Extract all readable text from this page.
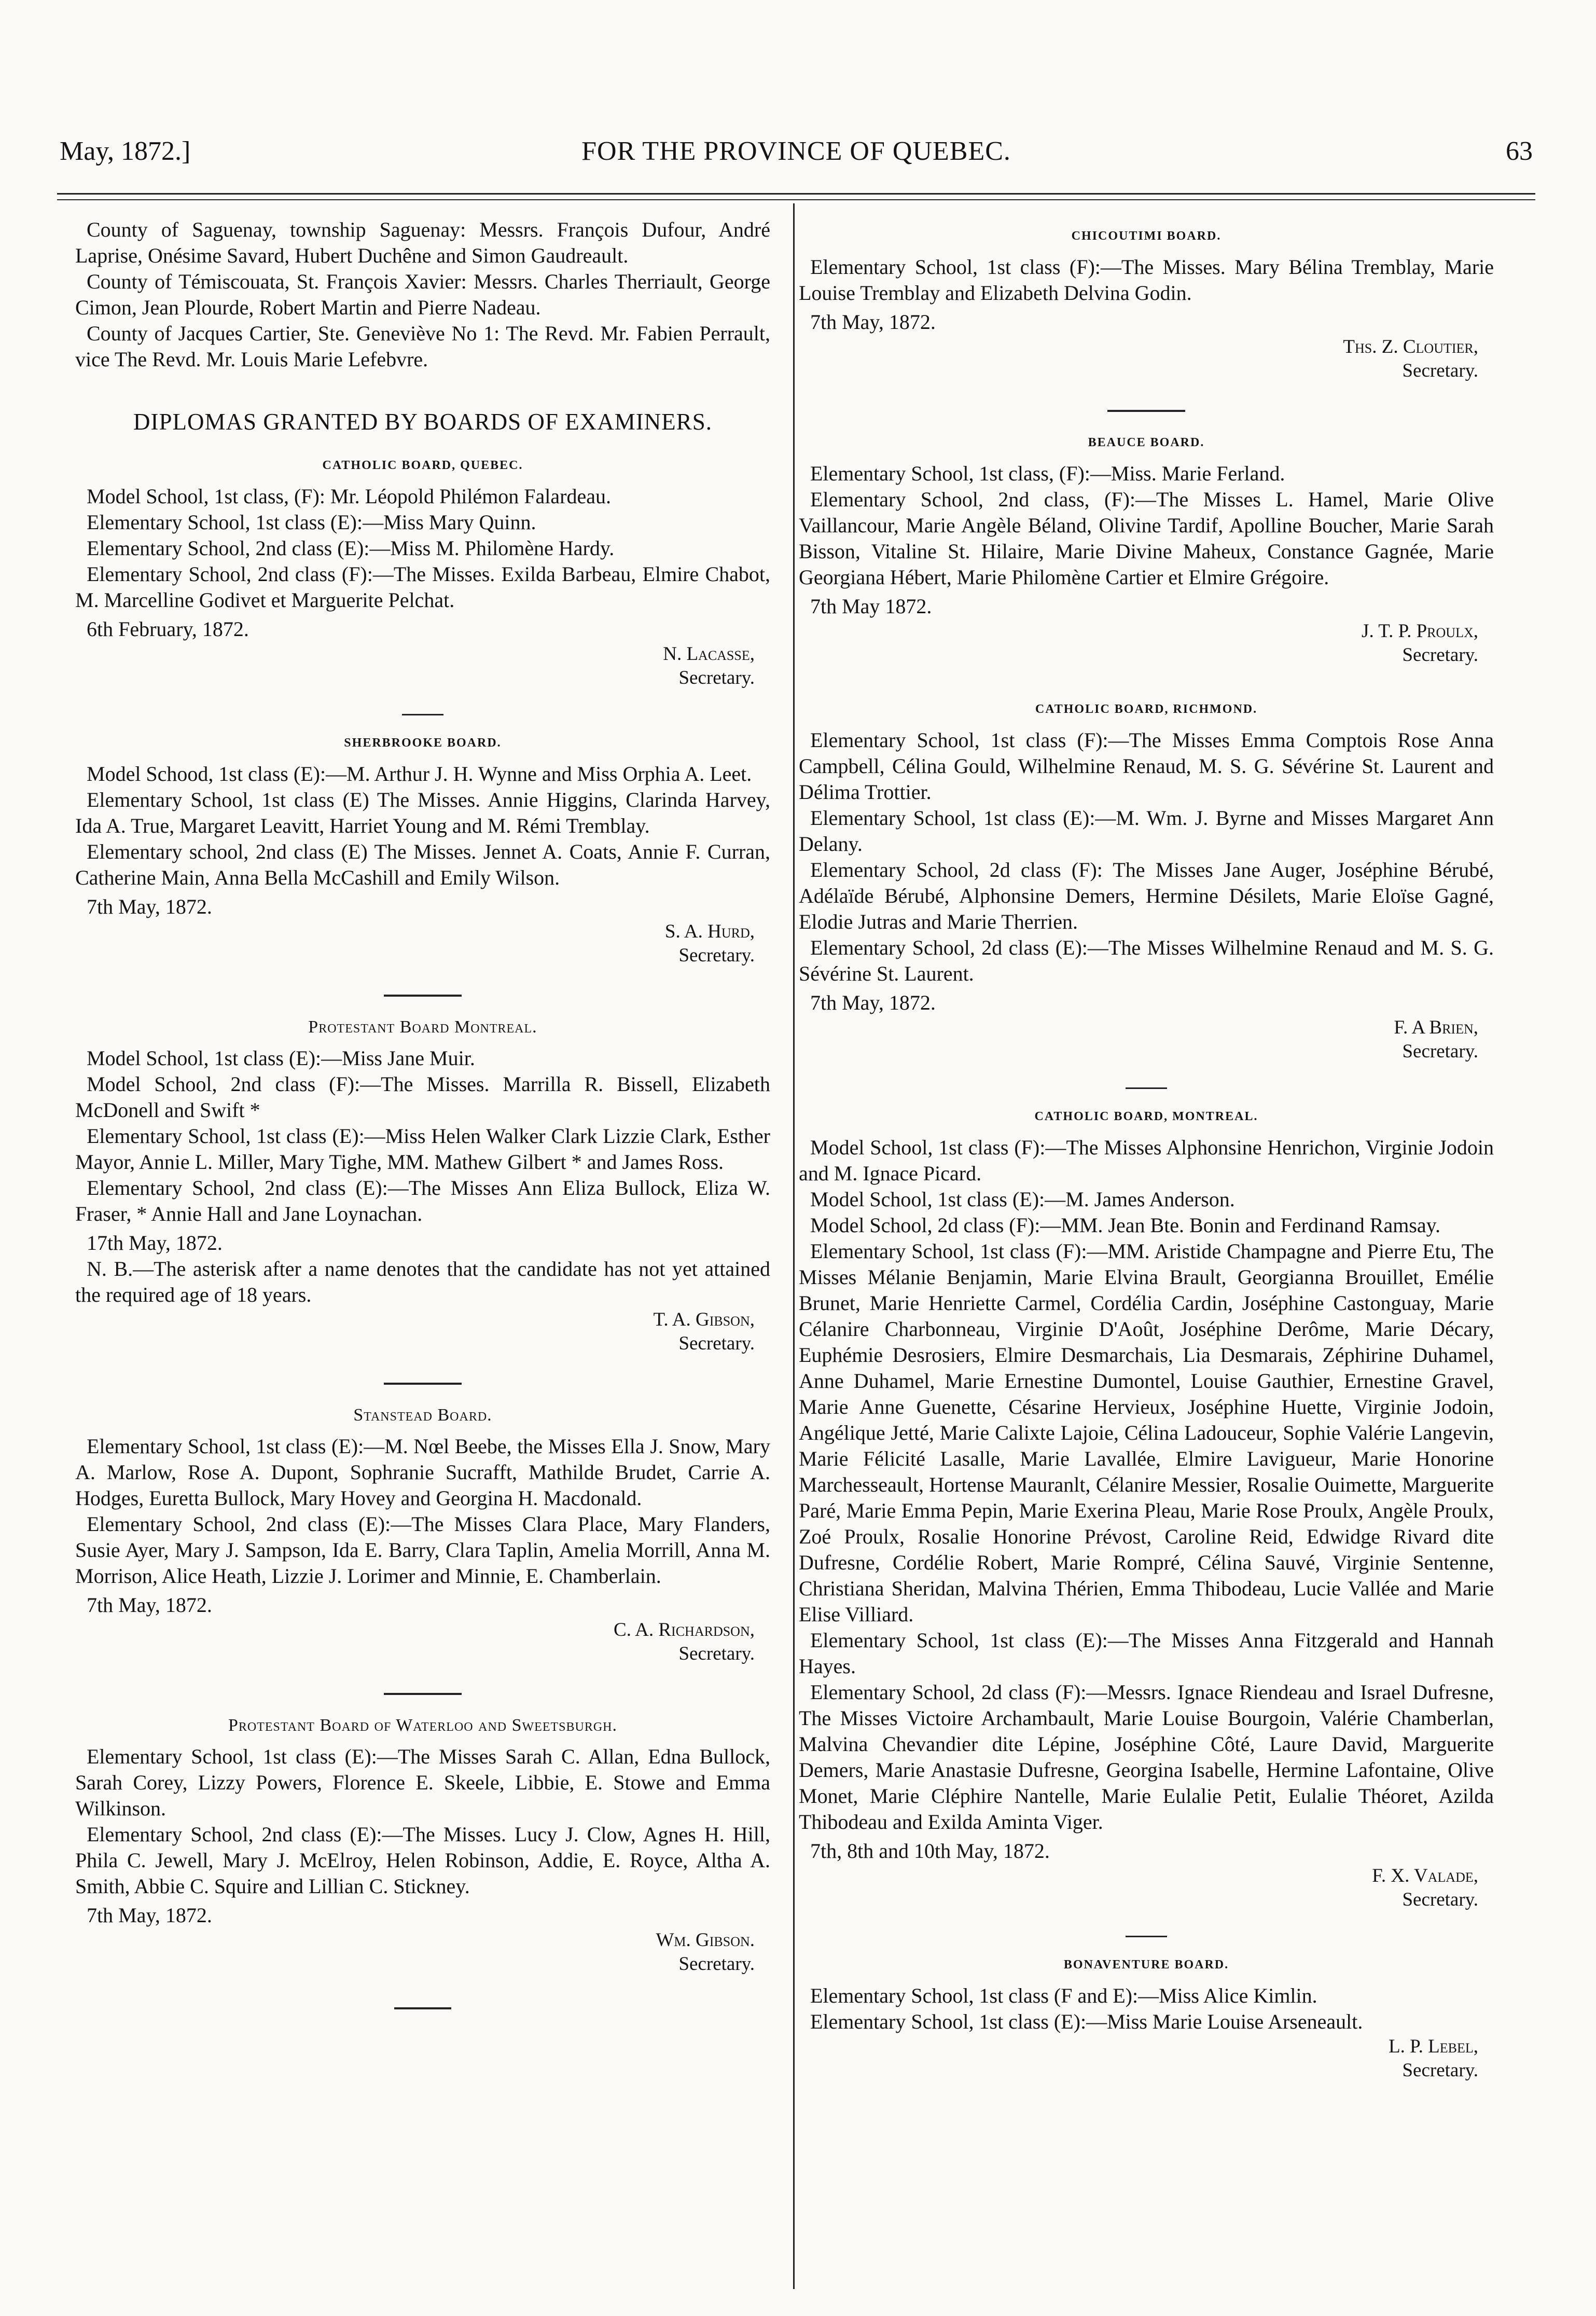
May, 1872.]	FOR THE PROVINCE OF QUEBEC.	63
County of Saguenay, township Saguenay: Messrs. François Dufour, André Laprise, Onésime Savard, Hubert Duchêne and Simon Gaudreault.
County of Témiscouata, St. François Xavier: Messrs. Charles Therriault, George Cimon, Jean Plourde, Robert Martin and Pierre Nadeau.
County of Jacques Cartier, Ste. Geneviève No 1: The Revd. Mr. Fabien Perrault, vice The Revd. Mr. Louis Marie Lefebvre.
DIPLOMAS GRANTED BY BOARDS OF EXAMINERS.
CATHOLIC BOARD, QUEBEC.
Model School, 1st class, (F): Mr. Léopold Philémon Falardeau.
Elementary School, 1st class (E):—Miss Mary Quinn.
Elementary School, 2nd class (E):—Miss M. Philomène Hardy.
Elementary School, 2nd class (F):—The Misses. Exilda Barbeau, Elmire Chabot, M. Marcelline Godivet et Marguerite Pelchat.
6th February, 1872.
N. Lacasse,
Secretary.
SHERBROOKE BOARD.
Model Schood, 1st class (E):—M. Arthur J. H. Wynne and Miss Orphia A. Leet.
Elementary School, 1st class (E) The Misses. Annie Higgins, Clarinda Harvey, Ida A. True, Margaret Leavitt, Harriet Young and M. Rémi Tremblay.
Elementary school, 2nd class (E) The Misses. Jennet A. Coats, Annie F. Curran, Catherine Main, Anna Bella McCashill and Emily Wilson.
7th May, 1872.
S. A. Hurd,
Secretary.
Protestant Board Montreal.
Model School, 1st class (E):—Miss Jane Muir.
Model School, 2nd class (F):—The Misses. Marrilla R. Bissell, Elizabeth McDonell and Swift *
Elementary School, 1st class (E):—Miss Helen Walker Clark Lizzie Clark, Esther Mayor, Annie L. Miller, Mary Tighe, MM. Mathew Gilbert * and James Ross.
Elementary School, 2nd class (E):—The Misses Ann Eliza Bullock, Eliza W. Fraser, * Annie Hall and Jane Loynachan.
17th May, 1872.
N. B.—The asterisk after a name denotes that the candidate has not yet attained the required age of 18 years.
T. A. Gibson,
Secretary.
Stanstead Board.
Elementary School, 1st class (E):—M. Nœl Beebe, the Misses Ella J. Snow, Mary A. Marlow, Rose A. Dupont, Sophranie Sucrafft, Mathilde Brudet, Carrie A. Hodges, Euretta Bullock, Mary Hovey and Georgina H. Macdonald.
Elementary School, 2nd class (E):—The Misses Clara Place, Mary Flanders, Susie Ayer, Mary J. Sampson, Ida E. Barry, Clara Taplin, Amelia Morrill, Anna M. Morrison, Alice Heath, Lizzie J. Lorimer and Minnie, E. Chamberlain.
7th May, 1872.
C. A. Richardson,
Secretary.
Protestant Board of Waterloo and Sweetsburgh.
Elementary School, 1st class (E):—The Misses Sarah C. Allan, Edna Bullock, Sarah Corey, Lizzy Powers, Florence E. Skeele, Libbie, E. Stowe and Emma Wilkinson.
Elementary School, 2nd class (E):—The Misses. Lucy J. Clow, Agnes H. Hill, Phila C. Jewell, Mary J. McElroy, Helen Robinson, Addie, E. Royce, Altha A. Smith, Abbie C. Squire and Lillian C. Stickney.
7th May, 1872.
Wm. Gibson.
Secretary.
CHICOUTIMI BOARD.
Elementary School, 1st class (F):—The Misses. Mary Bélina Tremblay, Marie Louise Tremblay and Elizabeth Delvina Godin.
7th May, 1872.
Ths. Z. Cloutier,
Secretary.
BEAUCE BOARD.
Elementary School, 1st class, (F):—Miss. Marie Ferland.
Elementary School, 2nd class, (F):—The Misses L. Hamel, Marie Olive Vaillancour, Marie Angèle Béland, Olivine Tardif, Apolline Boucher, Marie Sarah Bisson, Vitaline St. Hilaire, Marie Divine Maheux, Constance Gagnée, Marie Georgiana Hébert, Marie Philomène Cartier et Elmire Grégoire.
7th May 1872.
J. T. P. Proulx,
Secretary.
CATHOLIC BOARD, RICHMOND.
Elementary School, 1st class (F):—The Misses Emma Comptois Rose Anna Campbell, Célina Gould, Wilhelmine Renaud, M. S. G. Sévérine St. Laurent and Délima Trottier.
Elementary School, 1st class (E):—M. Wm. J. Byrne and Misses Margaret Ann Delany.
Elementary School, 2d class (F): The Misses Jane Auger, Joséphine Bérubé, Adélaïde Bérubé, Alphonsine Demers, Hermine Désilets, Marie Eloïse Gagné, Elodie Jutras and Marie Therrien.
Elementary School, 2d class (E):—The Misses Wilhelmine Renaud and M. S. G. Sévérine St. Laurent.
7th May, 1872.
F. A Brien,
Secretary.
CATHOLIC BOARD, MONTREAL.
Model School, 1st class (F):—The Misses Alphonsine Henrichon, Virginie Jodoin and M. Ignace Picard.
Model School, 1st class (E):—M. James Anderson.
Model School, 2d class (F):—MM. Jean Bte. Bonin and Ferdinand Ramsay.
Elementary School, 1st class (F):—MM. Aristide Champagne and Pierre Etu, The Misses Mélanie Benjamin, Marie Elvina Brault, Georgianna Brouillet, Emélie Brunet, Marie Henriette Carmel, Cordélia Cardin, Joséphine Castonguay, Marie Célanire Charbonneau, Virginie D'Août, Joséphine Derôme, Marie Décary, Euphémie Desrosiers, Elmire Desmarchais, Lia Desmarais, Zéphirine Duhamel, Anne Duhamel, Marie Ernestine Dumontel, Louise Gauthier, Ernestine Gravel, Marie Anne Guenette, Césarine Hervieux, Joséphine Huette, Virginie Jodoin, Angélique Jetté, Marie Calixte Lajoie, Célina Ladouceur, Sophie Valérie Langevin, Marie Félicité Lasalle, Marie Lavallée, Elmire Lavigueur, Marie Honorine Marchesseault, Hortense Mauranlt, Célanire Messier, Rosalie Ouimette, Marguerite Paré, Marie Emma Pepin, Marie Exerina Pleau, Marie Rose Proulx, Angèle Proulx, Zoé Proulx, Rosalie Honorine Prévost, Caroline Reid, Edwidge Rivard dite Dufresne, Cordélie Robert, Marie Rompré, Célina Sauvé, Virginie Sentenne, Christiana Sheridan, Malvina Thérien, Emma Thibodeau, Lucie Vallée and Marie Elise Villiard.
Elementary School, 1st class (E):—The Misses Anna Fitzgerald and Hannah Hayes.
Elementary School, 2d class (F):—Messrs. Ignace Riendeau and Israel Dufresne, The Misses Victoire Archambault, Marie Louise Bourgoin, Valérie Chamberlan, Malvina Chevandier dite Lépine, Joséphine Côté, Laure David, Marguerite Demers, Marie Anastasie Dufresne, Georgina Isabelle, Hermine Lafontaine, Olive Monet, Marie Cléphire Nantelle, Marie Eulalie Petit, Eulalie Théoret, Azilda Thibodeau and Exilda Aminta Viger.
7th, 8th and 10th May, 1872.
F. X. Valade,
Secretary.
BONAVENTURE BOARD.
Elementary School, 1st class (F and E):—Miss Alice Kimlin.
Elementary School, 1st class (E):—Miss Marie Louise Arseneault.
L. P. Lebel,
Secretary.
